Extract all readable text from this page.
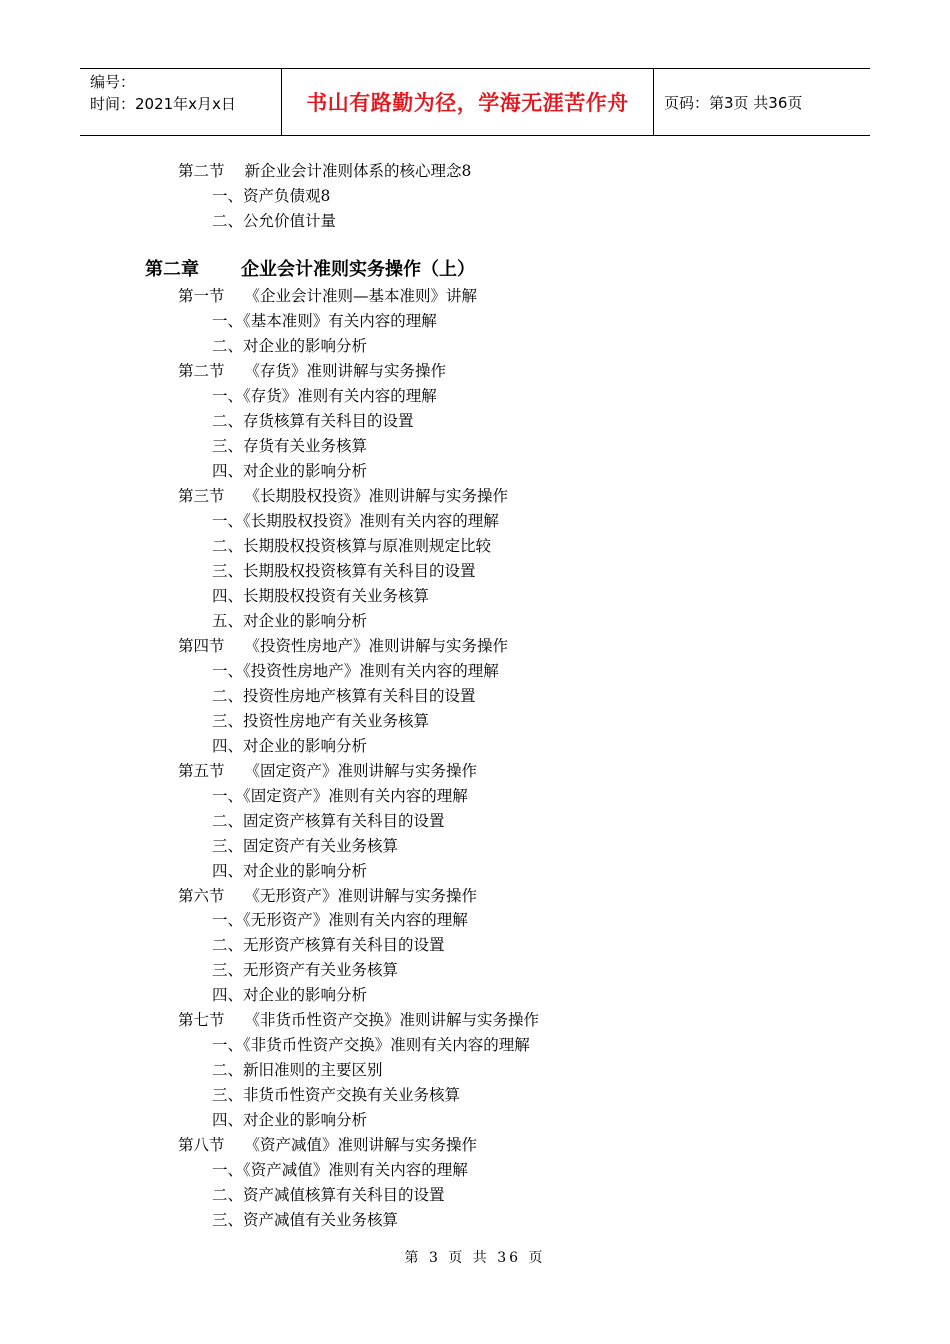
编号：
时间：2021年x月x日	书山有路勤为径，学海无涯苦作舟	页码：第3页 共36页
第二节 新企业会计准则体系的核心理念8
一、资产负债观8
二、公允价值计量
第二章 企业会计准则实务操作（上）
第一节 《企业会计准则—基本准则》讲解
一、《基本准则》有关内容的理解
二、对企业的影响分析
第二节 《存货》准则讲解与实务操作
一、《存货》准则有关内容的理解
二、存货核算有关科目的设置
三、存货有关业务核算
四、对企业的影响分析
第三节 《长期股权投资》准则讲解与实务操作
一、《长期股权投资》准则有关内容的理解
二、长期股权投资核算与原准则规定比较
三、长期股权投资核算有关科目的设置
四、长期股权投资有关业务核算
五、对企业的影响分析
第四节 《投资性房地产》准则讲解与实务操作
一、《投资性房地产》准则有关内容的理解
二、投资性房地产核算有关科目的设置
三、投资性房地产有关业务核算
四、对企业的影响分析
第五节 《固定资产》准则讲解与实务操作
一、《固定资产》准则有关内容的理解
二、固定资产核算有关科目的设置
三、固定资产有关业务核算
四、对企业的影响分析
第六节 《无形资产》准则讲解与实务操作
一、《无形资产》准则有关内容的理解
二、无形资产核算有关科目的设置
三、无形资产有关业务核算
四、对企业的影响分析
第七节 《非货币性资产交换》准则讲解与实务操作
一、《非货币性资产交换》准则有关内容的理解
二、新旧准则的主要区别
三、非货币性资产交换有关业务核算
四、对企业的影响分析
第八节 《资产减值》准则讲解与实务操作
一、《资产减值》准则有关内容的理解
二、资产减值核算有关科目的设置
三、资产减值有关业务核算
第 3 页 共 36 页
